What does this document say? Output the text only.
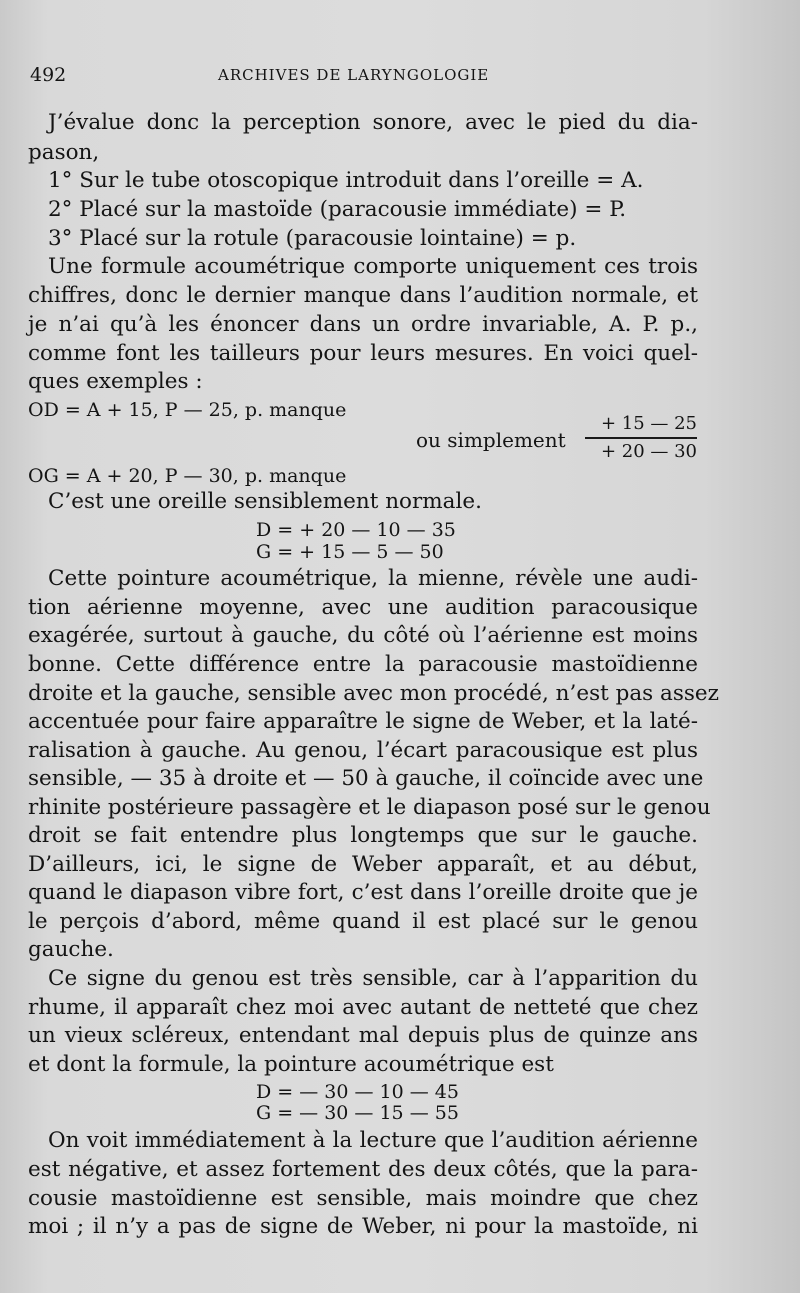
492	ARCHIVES DE LARYNGOLOGIE
J’évalue donc la perception sonore, avec le pied du dia-
pason,
1° Sur le tube otoscopique introduit dans l’oreille = A.
2° Placé sur la mastoïde (paracousie immédiate) = P.
3° Placé sur la rotule (paracousie lointaine) = p.
Une formule acoumétrique comporte uniquement ces trois
chiffres, donc le dernier manque dans l’audition normale, et
je n’ai qu’à les énoncer dans un ordre invariable, A. P. p.,
comme font les tailleurs pour leurs mesures. En voici quel-
ques exemples :
OD = A + 15, P — 25, p. manque
ou simplement
+ 15 — 25
+ 20 — 30
OG = A + 20, P — 30, p. manque
C’est une oreille sensiblement normale.
D = + 20 — 10 — 35
G = + 15 — 5 — 50
Cette pointure acoumétrique, la mienne, révèle une audi-
tion aérienne moyenne, avec une audition paracousique
exagérée, surtout à gauche, du côté où l’aérienne est moins
bonne. Cette différence entre la paracousie mastoïdienne
droite et la gauche, sensible avec mon procédé, n’est pas assez
accentuée pour faire apparaître le signe de Weber, et la laté-
ralisation à gauche. Au genou, l’écart paracousique est plus
sensible, — 35 à droite et — 50 à gauche, il coïncide avec une
rhinite postérieure passagère et le diapason posé sur le genou
droit se fait entendre plus longtemps que sur le gauche.
D’ailleurs, ici, le signe de Weber apparaît, et au début,
quand le diapason vibre fort, c’est dans l’oreille droite que je
le perçois d’abord, même quand il est placé sur le genou
gauche.
Ce signe du genou est très sensible, car à l’apparition du
rhume, il apparaît chez moi avec autant de netteté que chez
un vieux scléreux, entendant mal depuis plus de quinze ans
et dont la formule, la pointure acoumétrique est
D = — 30 — 10 — 45
G = — 30 — 15 — 55
On voit immédiatement à la lecture que l’audition aérienne
est négative, et assez fortement des deux côtés, que la para-
cousie mastoïdienne est sensible, mais moindre que chez
moi ; il n’y a pas de signe de Weber, ni pour la mastoïde, ni
